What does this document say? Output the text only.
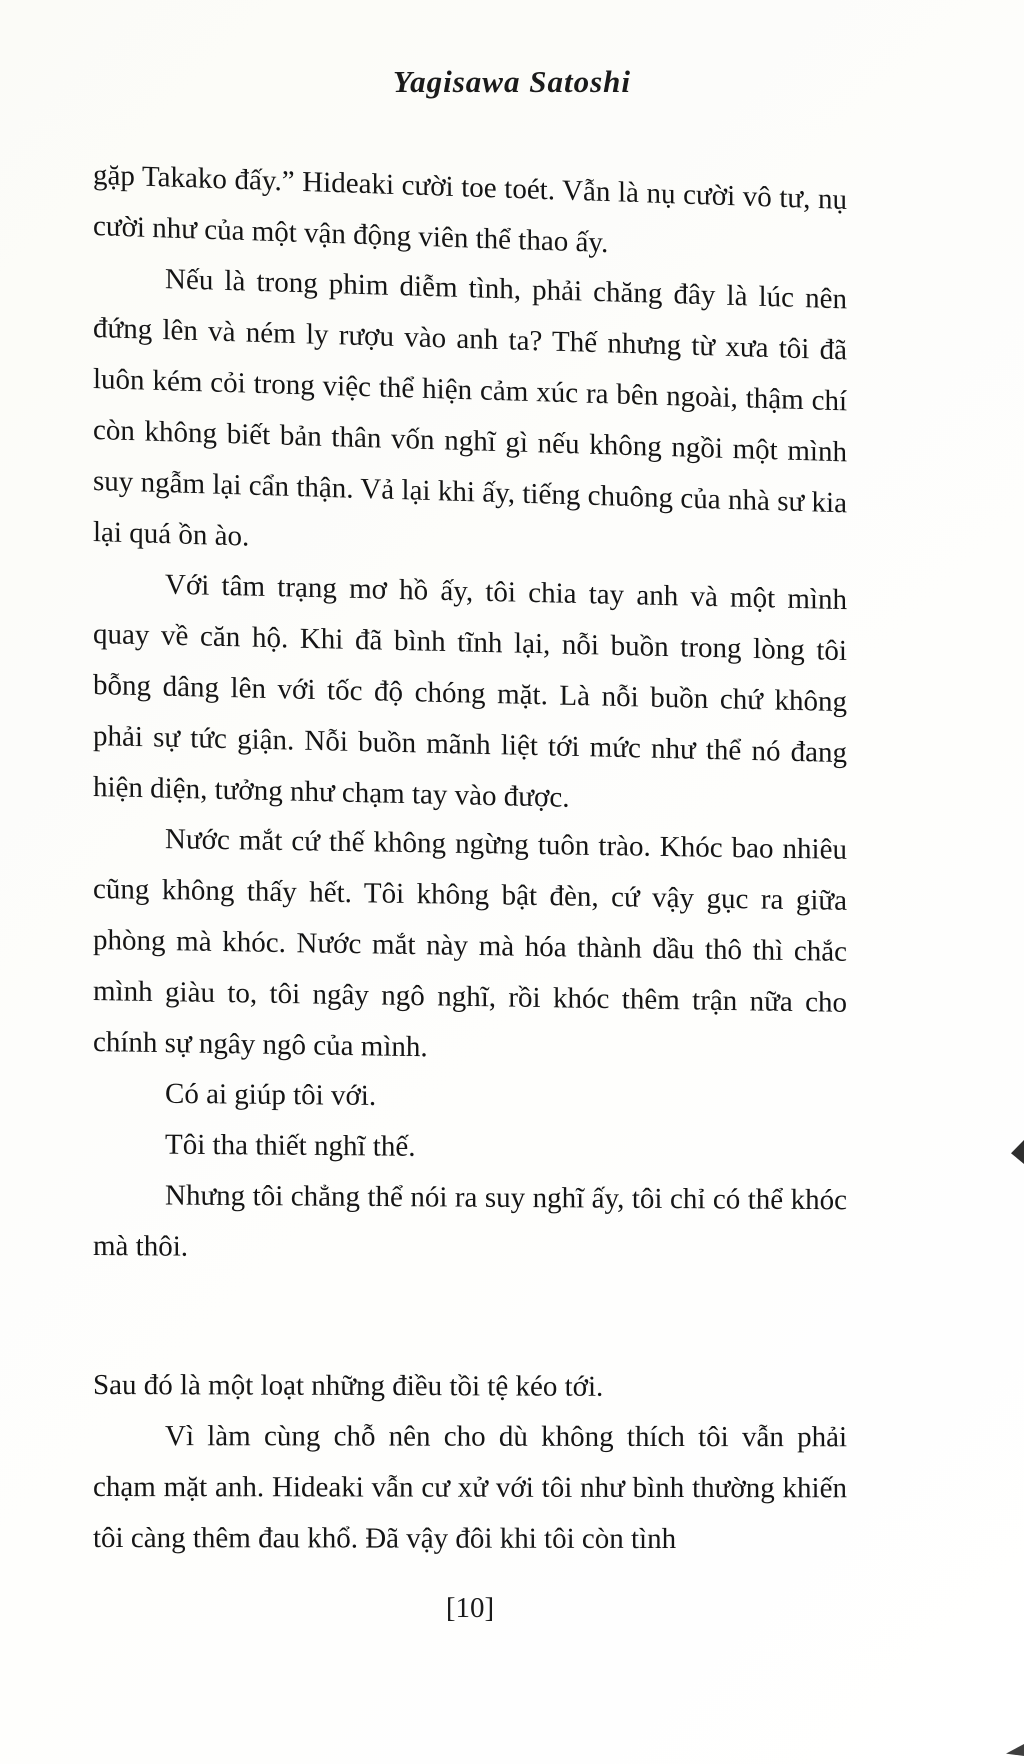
Yagisawa Satoshi

gặp Takako đấy.” Hideaki cười toe toét. Vẫn là nụ cười vô tư, nụ cười như của một vận động viên thể thao ấy.

Nếu là trong phim diễm tình, phải chăng đây là lúc nên đứng lên và ném ly rượu vào anh ta? Thế nhưng từ xưa tôi đã luôn kém cỏi trong việc thể hiện cảm xúc ra bên ngoài, thậm chí còn không biết bản thân vốn nghĩ gì nếu không ngồi một mình suy ngẫm lại cẩn thận. Vả lại khi ấy, tiếng chuông của nhà sư kia lại quá ồn ào.

Với tâm trạng mơ hồ ấy, tôi chia tay anh và một mình quay về căn hộ. Khi đã bình tĩnh lại, nỗi buồn trong lòng tôi bỗng dâng lên với tốc độ chóng mặt. Là nỗi buồn chứ không phải sự tức giận. Nỗi buồn mãnh liệt tới mức như thể nó đang hiện diện, tưởng như chạm tay vào được.

Nước mắt cứ thế không ngừng tuôn trào. Khóc bao nhiêu cũng không thấy hết. Tôi không bật đèn, cứ vậy gục ra giữa phòng mà khóc. Nước mắt này mà hóa thành dầu thô thì chắc mình giàu to, tôi ngây ngô nghĩ, rồi khóc thêm trận nữa cho chính sự ngây ngô của mình.

Có ai giúp tôi với.

Tôi tha thiết nghĩ thế.

Nhưng tôi chẳng thể nói ra suy nghĩ ấy, tôi chỉ có thể khóc mà thôi.

Sau đó là một loạt những điều tồi tệ kéo tới.

Vì làm cùng chỗ nên cho dù không thích tôi vẫn phải chạm mặt anh. Hideaki vẫn cư xử với tôi như bình thường khiến tôi càng thêm đau khổ. Đã vậy đôi khi tôi còn tình

[10]
